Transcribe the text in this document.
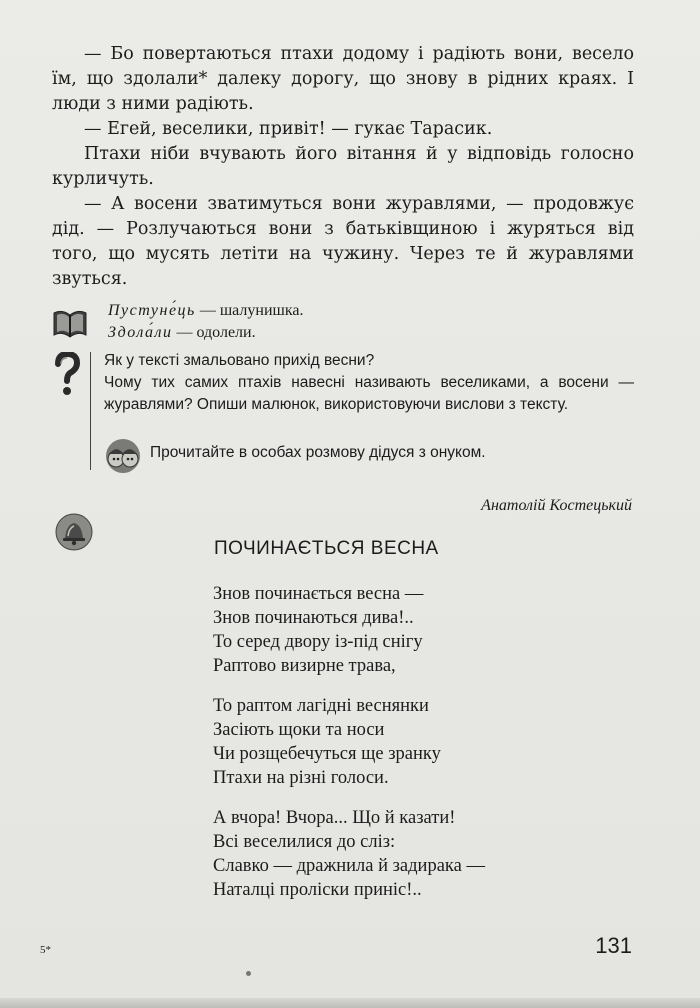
— Бо повертаються птахи додому і радіють вони, весело їм, що здолали* далеку дорогу, що знову в рідних краях. І люди з ними радіють.

— Егей, веселики, привіт! — гукає Тарасик.

Птахи ніби вчувають його вітання й у відповідь голосно курличуть.

— А восени зватимуться вони журавлями, — продовжує дід. — Розлучаються вони з батьківщиною і журяться від того, що мусять летіти на чужину. Через те й журавлями звуться.

Пустуне́ць — шалунишка.
Здола́ли — одолели.

Як у тексті змальовано прихід весни?

Чому тих самих птахів навесні називають веселиками, а восени — журавлями? Опиши малюнок, використовуючи вислови з тексту.

Прочитайте в особах розмову дідуся з онуком.
Анатолій Костецький
ПОЧИНАЄТЬСЯ ВЕСНА
Знов починається весна —
Знов починаються дива!..
То серед двору із-під снігу
Раптово визирне трава,
То раптом лагідні веснянки
Засіють щоки та носи
Чи розщебечуться ще зранку
Птахи на різні голоси.
А вчора! Вчора... Що й казати!
Всі веселилися до сліз:
Славко — дражнила й задирака —
Наталці проліски приніс!..
5*	131
